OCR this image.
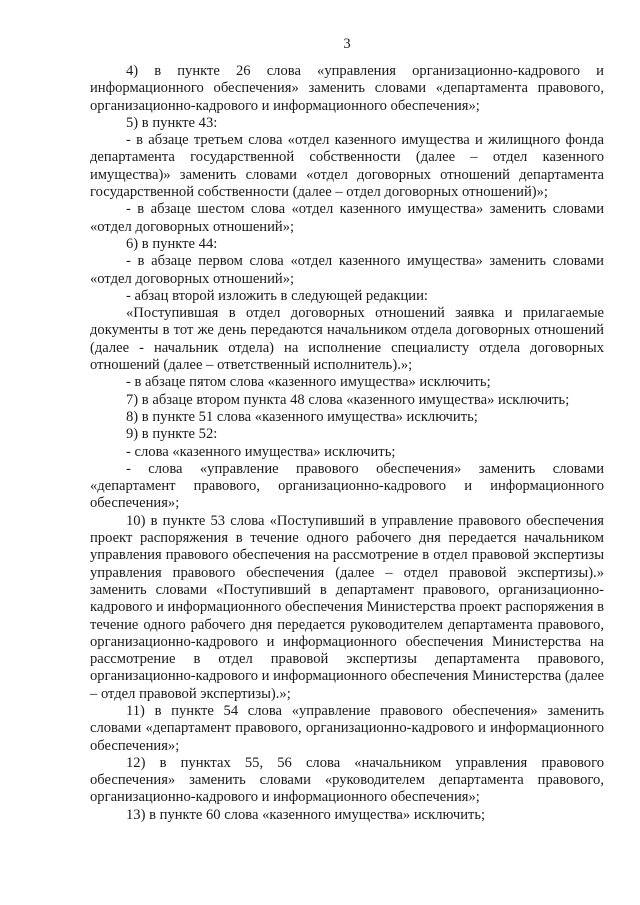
3

4) в пункте 26 слова «управления организационно-кадрового и информационного обеспечения» заменить словами «департамента правового, организационно-кадрового и информационного обеспечения»;

5) в пункте 43:

- в абзаце третьем слова «отдел казенного имущества и жилищного фонда департамента государственной собственности (далее – отдел казенного имущества)» заменить словами «отдел договорных отношений департамента государственной собственности (далее – отдел договорных отношений)»;

- в абзаце шестом слова «отдел казенного имущества» заменить словами «отдел договорных отношений»;

6) в пункте 44:

- в абзаце первом слова «отдел казенного имущества» заменить словами «отдел договорных отношений»;

- абзац второй изложить в следующей редакции:

«Поступившая в отдел договорных отношений заявка и прилагаемые документы в тот же день передаются начальником отдела договорных отношений (далее - начальник отдела) на исполнение специалисту отдела договорных отношений (далее – ответственный исполнитель).»;

- в абзаце пятом слова «казенного имущества» исключить;

7) в абзаце втором пункта 48 слова «казенного имущества» исключить;

8) в пункте 51 слова «казенного имущества» исключить;

9) в пункте 52:

- слова «казенного имущества» исключить;

- слова «управление правового обеспечения» заменить словами «департамент правового, организационно-кадрового и информационного обеспечения»;

10) в пункте 53 слова «Поступивший в управление правового обеспечения проект распоряжения в течение одного рабочего дня передается начальником управления правового обеспечения на рассмотрение в отдел правовой экспертизы управления правового обеспечения (далее – отдел правовой экспертизы).» заменить словами «Поступивший в департамент правового, организационно-кадрового и информационного обеспечения Министерства проект распоряжения в течение одного рабочего дня передается руководителем департамента правового, организационно-кадрового и информационного обеспечения Министерства на рассмотрение в отдел правовой экспертизы департамента правового, организационно-кадрового и информационного обеспечения Министерства (далее – отдел правовой экспертизы).»;

11) в пункте 54 слова «управление правового обеспечения» заменить словами «департамент правового, организационно-кадрового и информационного обеспечения»;

12) в пунктах 55, 56 слова «начальником управления правового обеспечения» заменить словами «руководителем департамента правового, организационно-кадрового и информационного обеспечения»;

13) в пункте 60 слова «казенного имущества» исключить;
